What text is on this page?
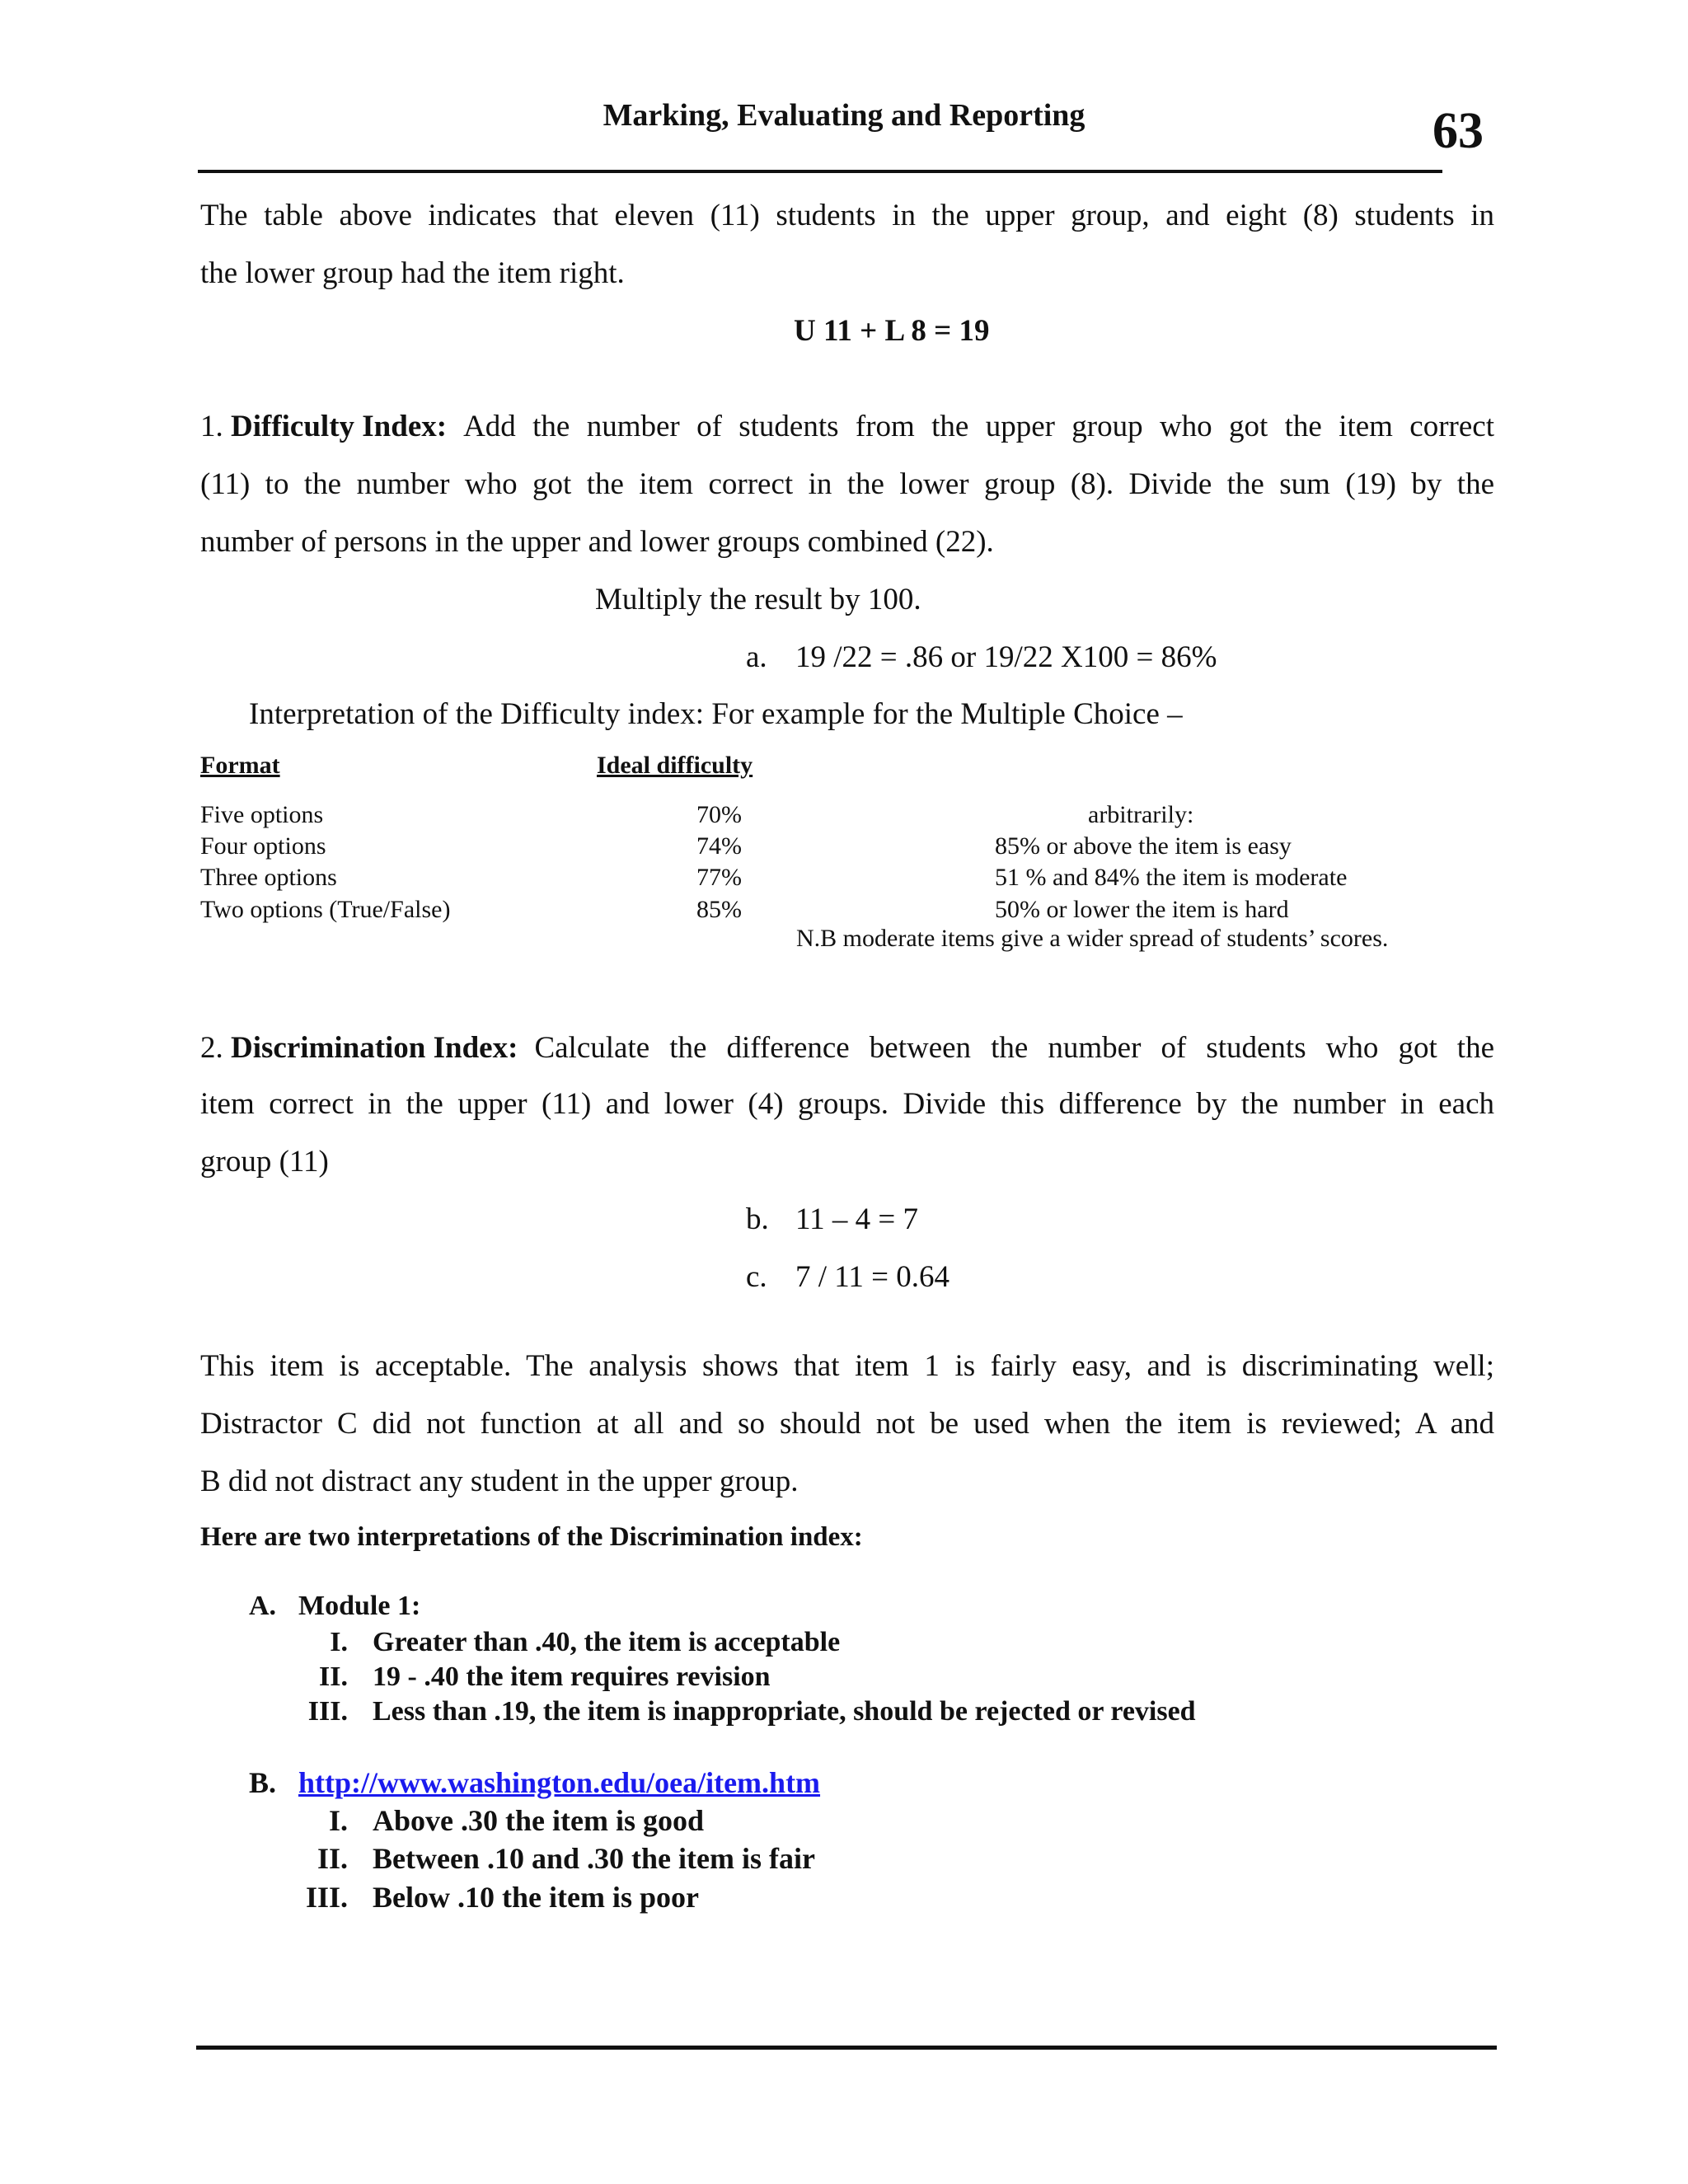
Marking, Evaluating and Reporting	63
The table above indicates that eleven (11) students in the upper group, and eight (8) students in
the lower group had the item right.
U 11 + L 8 = 19
1. Difficulty Index: Add the number of students from the upper group who got the item correct
(11) to the number who got the item correct in the lower group (8). Divide the sum (19) by the
number of persons in the upper and lower groups combined (22).
Multiply the result by 100.
a. 19 /22 = .86 or 19/22 X100 = 86%
Interpretation of the Difficulty index: For example for the Multiple Choice –
Format	Ideal difficulty
Five options	70%	arbitrarily:
Four options	74%	85% or above the item is easy
Three options	77%	51 % and 84% the item is moderate
Two options (True/False)	85%	50% or lower the item is hard
N.B moderate items give a wider spread of students’ scores.
2. Discrimination Index: Calculate the difference between the number of students who got the
item correct in the upper (11) and lower (4) groups. Divide this difference by the number in each
group (11)
b. 11 – 4 = 7
c. 7 / 11 = 0.64
This item is acceptable. The analysis shows that item 1 is fairly easy, and is discriminating well;
Distractor C did not function at all and so should not be used when the item is reviewed; A and
B did not distract any student in the upper group.
Here are two interpretations of the Discrimination index:
A. Module 1:
I. Greater than .40, the item is acceptable
II. 19 - .40 the item requires revision
III. Less than .19, the item is inappropriate, should be rejected or revised
B. http://www.washington.edu/oea/item.htm
I. Above .30 the item is good
II. Between .10 and .30 the item is fair
III. Below .10 the item is poor
